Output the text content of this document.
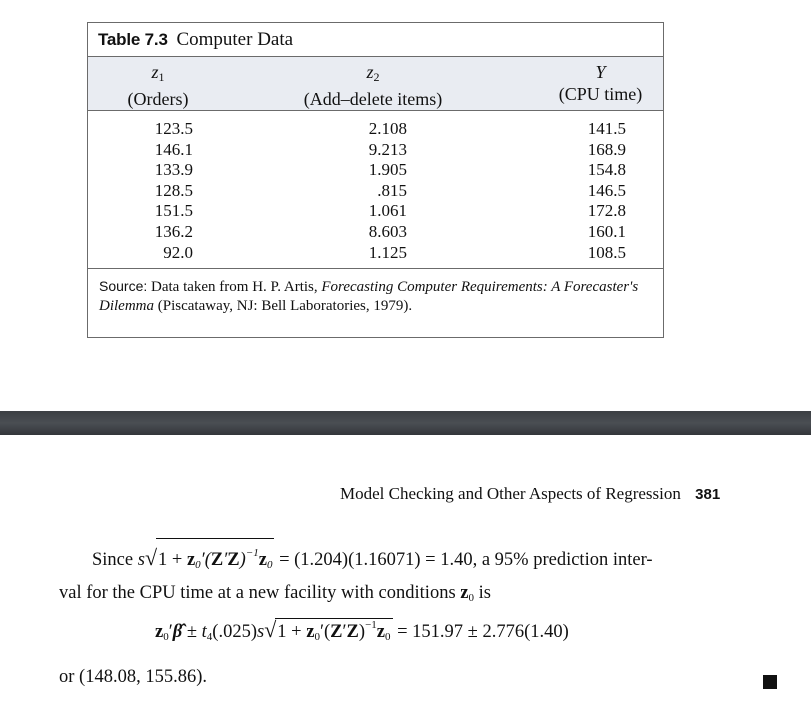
Table 7.3 Computer Data
$z_1$
(Orders)
$z_2$
(Add–delete items)
Y
(CPU time)
123.5
146.1
133.9
128.5
151.5
136.2
92.0
2.108
9.213
1.905
.815
1.061
8.603
1.125
141.5
168.9
154.8
146.5
172.8
160.1
108.5
Source: Data taken from H. P. Artis, Forecasting Computer Requirements: A Forecaster's Dilemma (Piscataway, NJ: Bell Laboratories, 1979).
Model Checking and Other Aspects of Regression 381
Since $s√1 + z_0'(Z'Z)^{-1}z_0 = (1.204)(1.16071) = 1.40$, a 95% prediction inter-
val for the CPU time at a new facility with conditions $z_0$ is
$z_0'\betâ \pm t_4(.025)s√1 + z_0'(Z'Z)^{-1}z_0 = 151.97 \pm 2.776(1.40)$
or (148.08, 155.86).
